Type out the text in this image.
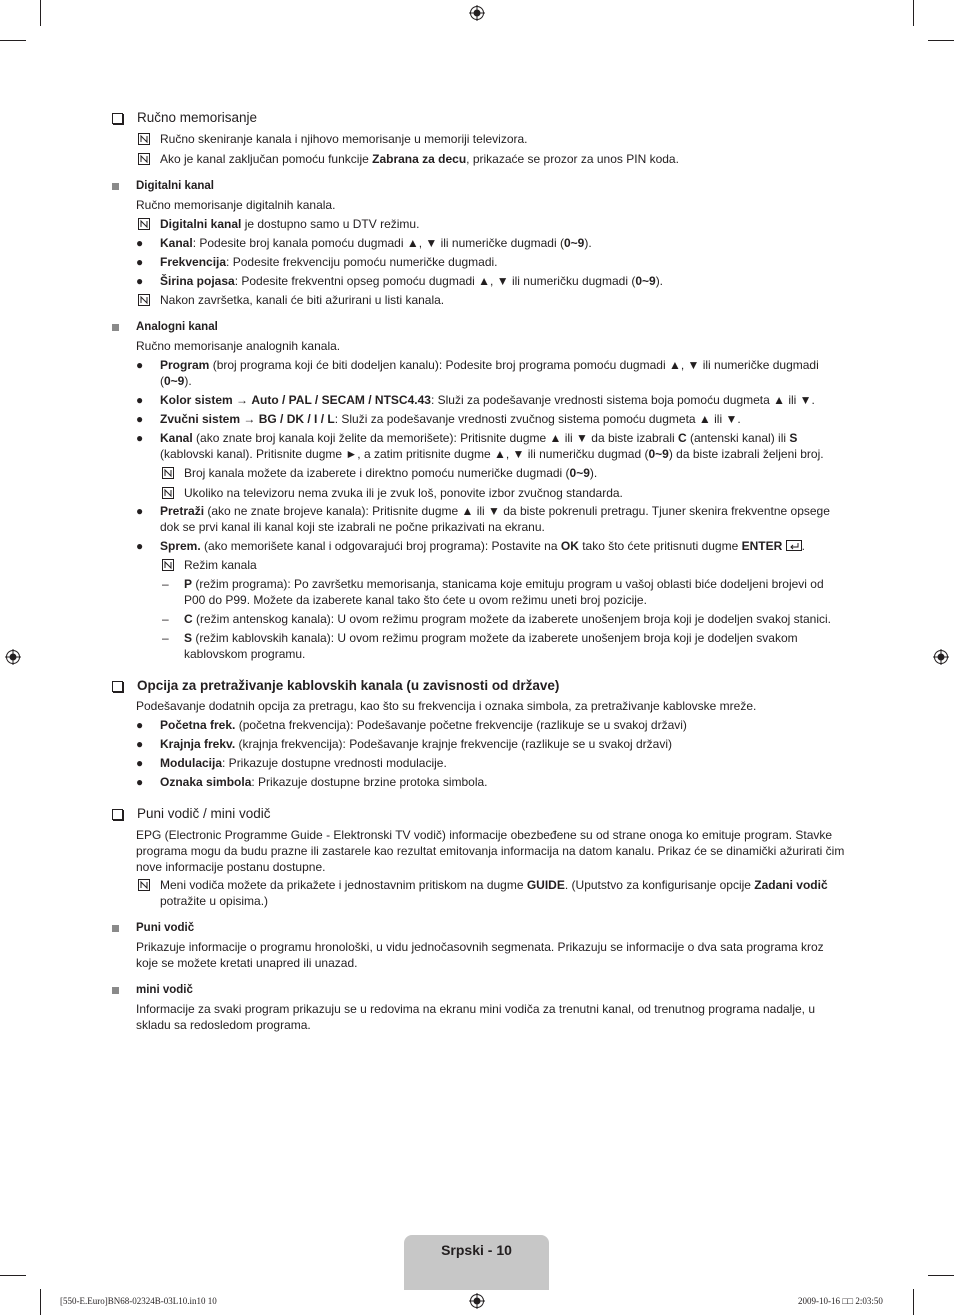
Ručno memorisanje
Ručno skeniranje kanala i njihovo memorisanje u memoriji televizora.
Ako je kanal zaključan pomoću funkcije Zabrana za decu, prikazaće se prozor za unos PIN koda.
Digitalni kanal
Ručno memorisanje digitalnih kanala.
Digitalni kanal je dostupno samo u DTV režimu.
●	Kanal: Podesite broj kanala pomoću dugmadi ▲, ▼ ili numeričke dugmadi (0~9).
●	Frekvencija: Podesite frekvenciju pomoću numeričke dugmadi.
●	Širina pojasa: Podesite frekventni opseg pomoću dugmadi ▲, ▼ ili numeričku dugmadi (0~9).
Nakon završetka, kanali će biti ažurirani u listi kanala.
Analogni kanal
Ručno memorisanje analognih kanala.
●	Program (broj programa koji će biti dodeljen kanalu): Podesite broj programa pomoću dugmadi ▲, ▼ ili numeričke dugmadi (0~9).
●	Kolor sistem → Auto / PAL / SECAM / NTSC4.43: Služi za podešavanje vrednosti sistema boja pomoću dugmeta ▲ ili ▼.
●	Zvučni sistem → BG / DK / I / L: Služi za podešavanje vrednosti zvučnog sistema pomoću dugmeta ▲ ili ▼.
●	Kanal (ako znate broj kanala koji želite da memorišete): Pritisnite dugme ▲ ili ▼ da biste izabrali C (antenski kanal) ili S (kablovski kanal). Pritisnite dugme ►, a zatim pritisnite dugme ▲, ▼ ili numeričku dugmad (0~9) da biste izabrali željeni broj.
Broj kanala možete da izaberete i direktno pomoću numeričke dugmadi (0~9).
Ukoliko na televizoru nema zvuka ili je zvuk loš, ponovite izbor zvučnog standarda.
●	Pretraži (ako ne znate brojeve kanala): Pritisnite dugme ▲ ili ▼ da biste pokrenuli pretragu. Tjuner skenira frekventne opsege dok se prvi kanal ili kanal koji ste izabrali ne počne prikazivati na ekranu.
●	Sprem. (ako memorišete kanal i odgovarajući broj programa): Postavite na OK tako što ćete pritisnuti dugme ENTER .
Režim kanala
–	P (režim programa): Po završetku memorisanja, stanicama koje emituju program u vašoj oblasti biće dodeljeni brojevi od P00 do P99. Možete da izaberete kanal tako što ćete u ovom režimu uneti broj pozicije.
–	C (režim antenskog kanala): U ovom režimu program možete da izaberete unošenjem broja koji je dodeljen svakoj stanici.
–	S (režim kablovskih kanala): U ovom režimu program možete da izaberete unošenjem broja koji je dodeljen svakom kablovskom programu.
Opcija za pretraživanje kablovskih kanala (u zavisnosti od države)
Podešavanje dodatnih opcija za pretragu, kao što su frekvencija i oznaka simbola, za pretraživanje kablovske mreže.
●	Početna frek. (početna frekvencija): Podešavanje početne frekvencije (razlikuje se u svakoj državi)
●	Krajnja frekv. (krajnja frekvencija): Podešavanje krajnje frekvencije (razlikuje se u svakoj državi)
●	Modulacija: Prikazuje dostupne vrednosti modulacije.
●	Oznaka simbola: Prikazuje dostupne brzine protoka simbola.
Puni vodič / mini vodič
EPG (Electronic Programme Guide - Elektronski TV vodič) informacije obezbeđene su od strane onoga ko emituje program. Stavke programa mogu da budu prazne ili zastarele kao rezultat emitovanja informacija na datom kanalu. Prikaz će se dinamički ažurirati čim nove informacije postanu dostupne.
Meni vodiča možete da prikažete i jednostavnim pritiskom na dugme GUIDE. (Uputstvo za konfigurisanje opcije Zadani vodič potražite u opisima.)
Puni vodič
Prikazuje informacije o programu hronološki, u vidu jednočasovnih segmenata. Prikazuju se informacije o dva sata programa kroz koje se možete kretati unapred ili unazad.
mini vodič
Informacije za svaki program prikazuju se u redovima na ekranu mini vodiča za trenutni kanal, od trenutnog programa nadalje, u skladu sa redosledom programa.
Srpski - 10
[550-E.Euro]BN68-02324B-03L10.in10 10	2009-10-16 □□ 2:03:50
